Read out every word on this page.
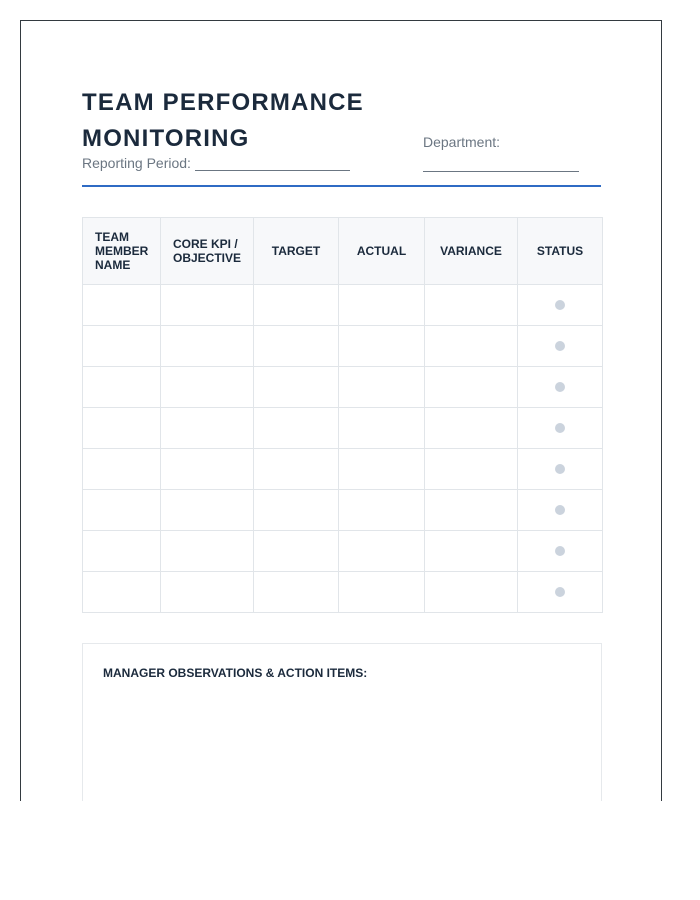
TEAM PERFORMANCE MONITORING
Reporting Period:
Department:
TEAM MEMBER NAME	CORE KPI / OBJECTIVE	TARGET	ACTUAL	VARIANCE	STATUS

MANAGER OBSERVATIONS & ACTION ITEMS:
